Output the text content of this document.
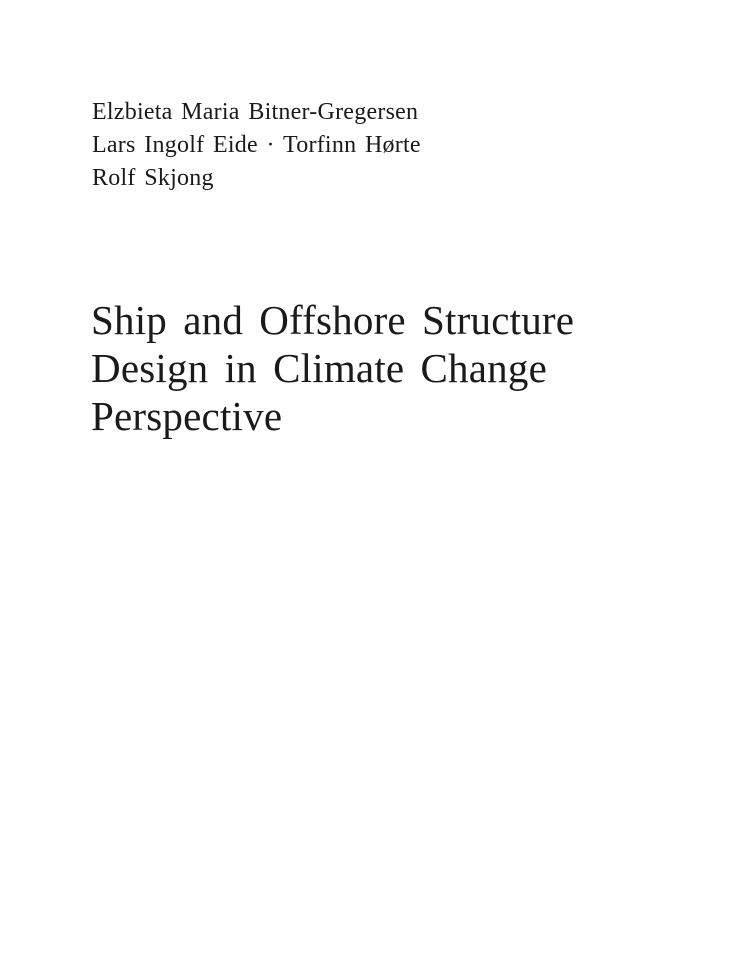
Elzbieta Maria Bitner-Gregersen
Lars Ingolf Eide · Torfinn Hørte
Rolf Skjong
Ship and Offshore Structure
Design in Climate Change
Perspective
